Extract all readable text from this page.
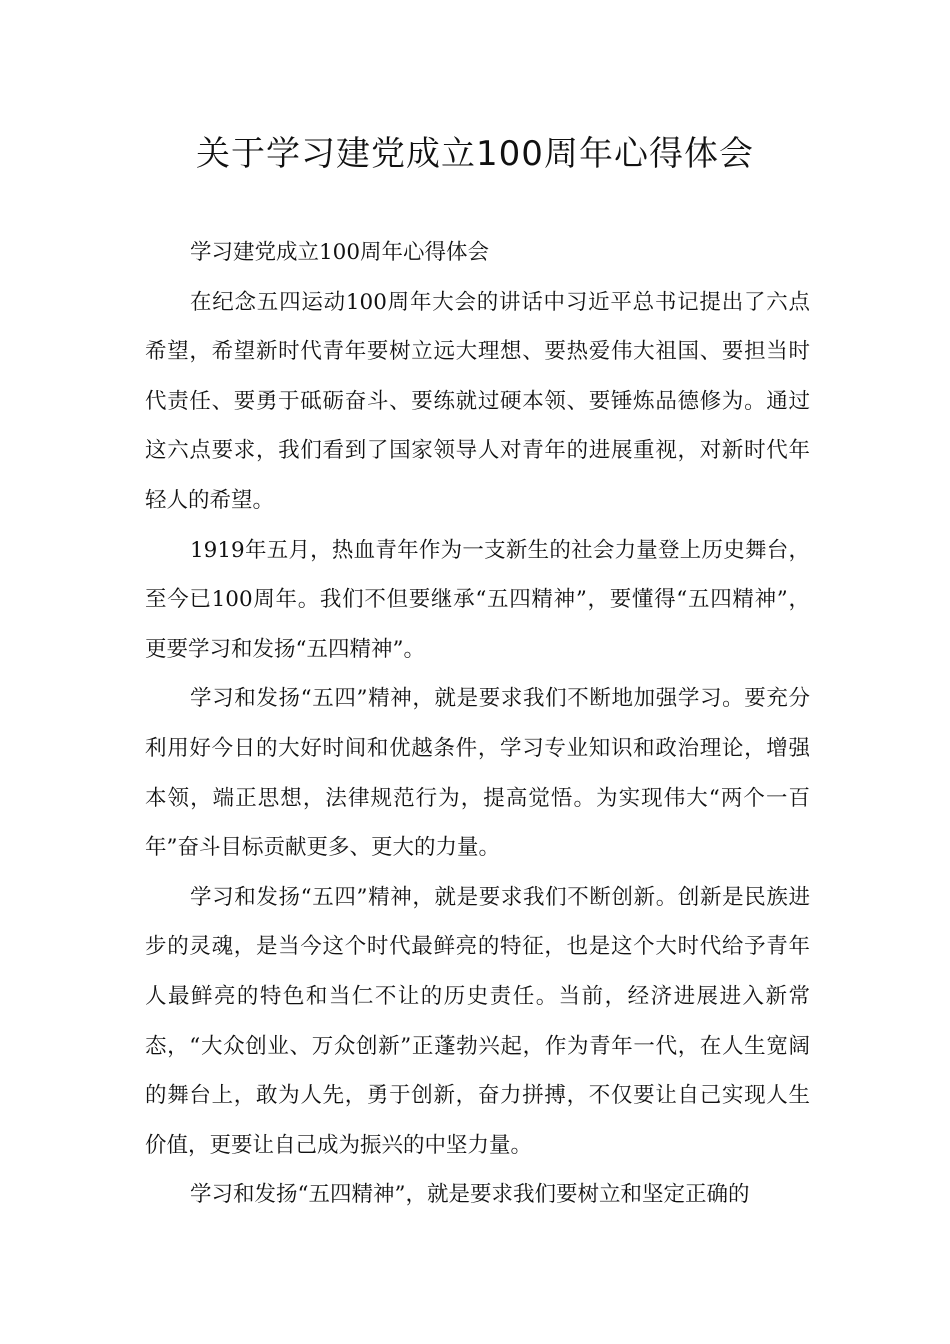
关于学习建党成立100周年心得体会

学习建党成立100周年心得体会

在纪念五四运动100周年大会的讲话中习近平总书记提出了六点希望，希望新时代青年要树立远大理想、要热爱伟大祖国、要担当时代责任、要勇于砥砺奋斗、要练就过硬本领、要锤炼品德修为。通过这六点要求，我们看到了国家领导人对青年的进展重视，对新时代年轻人的希望。

1919年五月，热血青年作为一支新生的社会力量登上历史舞台，至今已100周年。我们不但要继承“五四精神”，要懂得“五四精神”，更要学习和发扬“五四精神”。

学习和发扬“五四”精神，就是要求我们不断地加强学习。要充分利用好今日的大好时间和优越条件，学习专业知识和政治理论，增强本领，端正思想，法律规范行为，提高觉悟。为实现伟大“两个一百年”奋斗目标贡献更多、更大的力量。

学习和发扬“五四”精神，就是要求我们不断创新。创新是民族进步的灵魂，是当今这个时代最鲜亮的特征，也是这个大时代给予青年人最鲜亮的特色和当仁不让的历史责任。当前，经济进展进入新常态，“大众创业、万众创新”正蓬勃兴起，作为青年一代，在人生宽阔的舞台上，敢为人先，勇于创新，奋力拼搏，不仅要让自己实现人生价值，更要让自己成为振兴的中坚力量。

学习和发扬“五四精神”，就是要求我们要树立和坚定正确的
